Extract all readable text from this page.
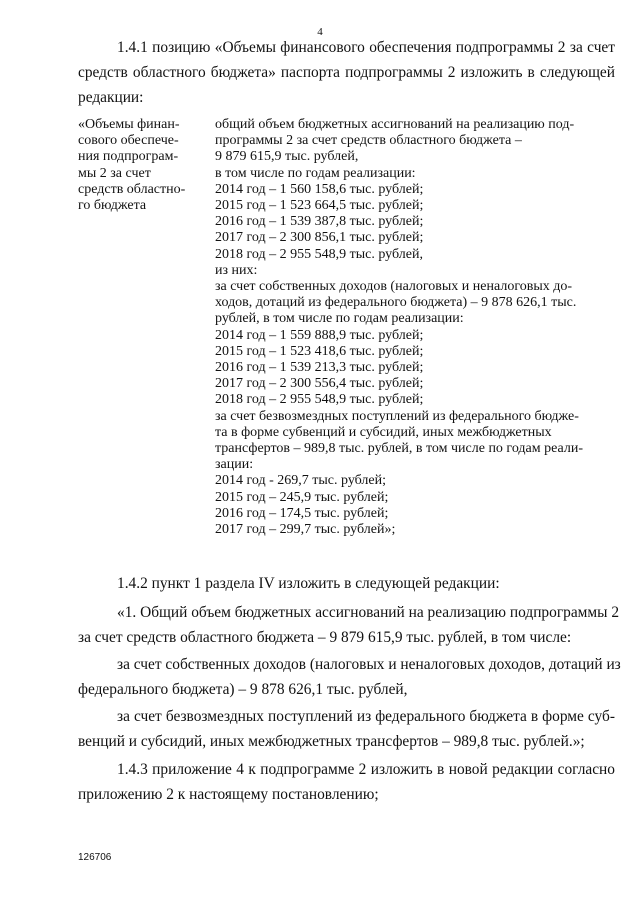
4
1.4.1 позицию «Объемы финансового обеспечения подпрограммы 2 за счет
средств областного бюджета» паспорта подпрограммы 2 изложить в следующей
редакции:
«Объемы финан-
сового обеспече-
ния подпрограм-
мы 2 за счет
средств областно-
го бюджета
общий объем бюджетных ассигнований на реализацию под-
программы 2 за счет средств областного бюджета –
9 879 615,9 тыс. рублей,
в том числе по годам реализации:
2014 год – 1 560 158,6 тыс. рублей;
2015 год – 1 523 664,5 тыс. рублей;
2016 год – 1 539 387,8 тыс. рублей;
2017 год – 2 300 856,1 тыс. рублей;
2018 год – 2 955 548,9 тыс. рублей,
из них:
за счет собственных доходов (налоговых и неналоговых до-
ходов, дотаций из федерального бюджета) – 9 878 626,1 тыс.
рублей, в том числе по годам реализации:
2014 год – 1 559 888,9 тыс. рублей;
2015 год – 1 523 418,6 тыс. рублей;
2016 год – 1 539 213,3 тыс. рублей;
2017 год – 2 300 556,4 тыс. рублей;
2018 год – 2 955 548,9 тыс. рублей;
за счет безвозмездных поступлений из федерального бюдже-
та в форме субвенций и субсидий, иных межбюджетных
трансфертов – 989,8 тыс. рублей, в том числе по годам реали-
зации:
2014 год - 269,7 тыс. рублей;
2015 год – 245,9 тыс. рублей;
2016 год – 174,5 тыс. рублей;
2017 год – 299,7 тыс. рублей»;
1.4.2 пункт 1 раздела IV изложить в следующей редакции:
«1. Общий объем бюджетных ассигнований на реализацию подпрограммы 2
за счет средств областного бюджета – 9 879 615,9 тыс. рублей, в том числе:
за счет собственных доходов (налоговых и неналоговых доходов, дотаций из
федерального бюджета) – 9 878 626,1 тыс. рублей,
за счет безвозмездных поступлений из федерального бюджета в форме суб-
венций и субсидий, иных межбюджетных трансфертов – 989,8 тыс. рублей.»;
1.4.3 приложение 4 к подпрограмме 2 изложить в новой редакции согласно
приложению 2 к настоящему постановлению;
126706
